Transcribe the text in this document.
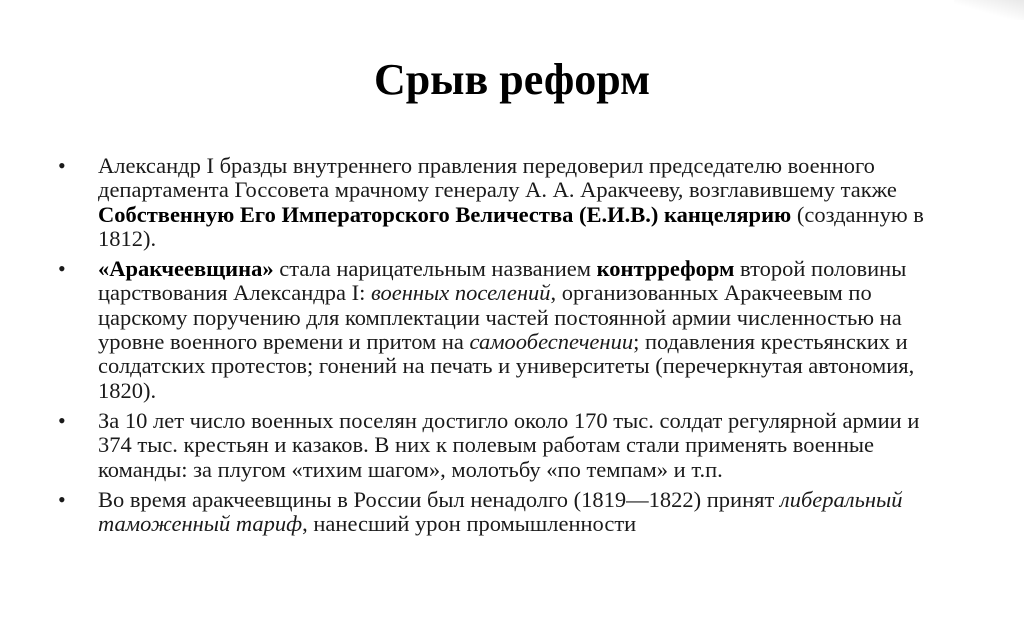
Срыв реформ
• Александр I бразды внутреннего правления передоверил председателю военного департамента Госсовета мрачному генералу А. А. Аракчееву, возглавившему также Собственную Его Императорского Величества (Е.И.В.) канцелярию (созданную в 1812).
• «Аракчеевщина» стала нарицательным названием контрреформ второй половины царствования Александра I: военных поселений, организованных Аракчеевым по царскому поручению для комплектации частей постоянной армии численностью на уровне военного времени и притом на самообеспечении; подавления крестьянских и солдатских протестов; гонений на печать и университеты (перечеркнутая автономия, 1820).
• За 10 лет число военных поселян достигло около 170 тыс. солдат регулярной армии и 374 тыс. крестьян и казаков. В них к полевым работам стали применять военные команды: за плугом «тихим шагом», молотьбу «по темпам» и т.п.
• Во время аракчеевщины в России был ненадолго (1819—1822) принят либеральный таможенный тариф, нанесший урон промышленности
